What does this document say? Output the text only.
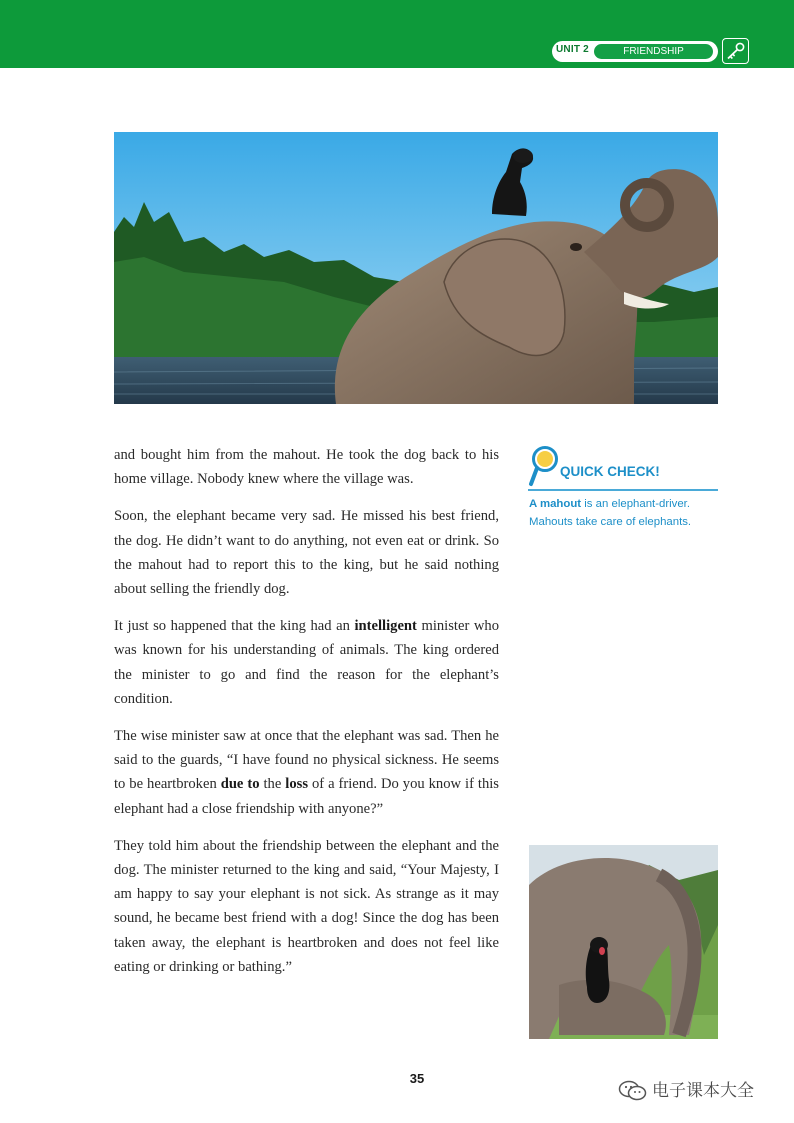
UNIT 2	FRIENDSHIP

and bought him from the mahout. He took the dog back to his home village. Nobody knew where the village was.

Soon, the elephant became very sad. He missed his best friend, the dog. He didn’t want to do anything, not even eat or drink. So the mahout had to report this to the king, but he said nothing about selling the friendly dog.

It just so happened that the king had an intelligent minister who was known for his understanding of animals. The king ordered the minister to go and find the reason for the elephant’s condition.

The wise minister saw at once that the elephant was sad. Then he said to the guards, “I have found no physical sickness. He seems to be heartbroken due to the loss of a friend. Do you know if this elephant had a close friendship with anyone?”

They told him about the friendship between the elephant and the dog. The minister returned to the king and said, “Your Majesty, I am happy to say your elephant is not sick. As strange as it may sound, he became best friend with a dog! Since the dog has been taken away, the elephant is heartbroken and does not feel like eating or drinking or bathing.”

QUICK CHECK!
A mahout is an elephant-driver. Mahouts take care of elephants.
35
电子课本大全
